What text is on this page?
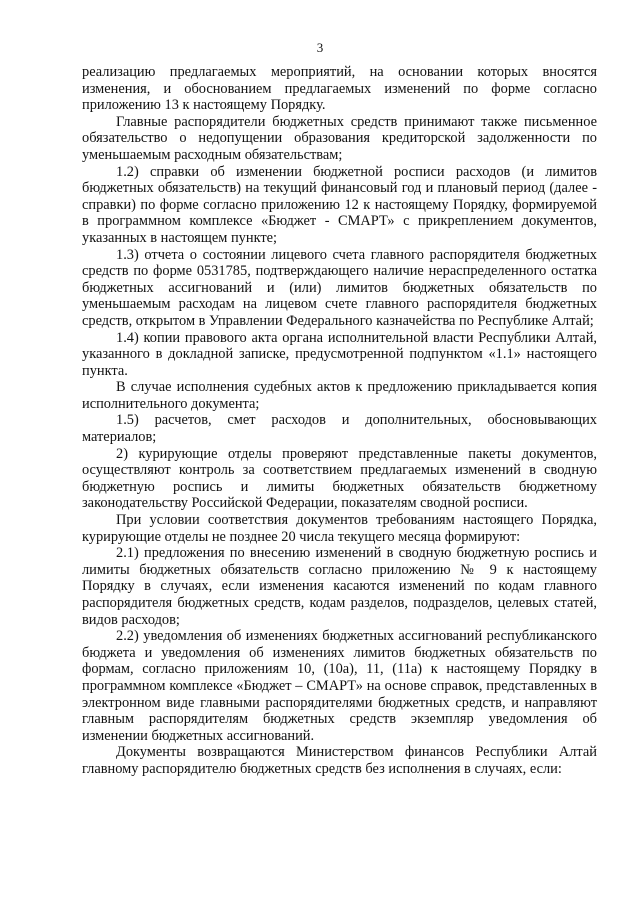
3

реализацию предлагаемых мероприятий, на основании которых вносятся изменения, и обоснованием предлагаемых изменений по форме согласно приложению 13 к настоящему Порядку.

Главные распорядители бюджетных средств принимают также письменное обязательство о недопущении образования кредиторской задолженности по уменьшаемым расходным обязательствам;

1.2) справки об изменении бюджетной росписи расходов (и лимитов бюджетных обязательств) на текущий финансовый год и плановый период (далее - справки) по форме согласно приложению 12 к настоящему Порядку, формируемой в программном комплексе «Бюджет - СМАРТ» с прикреплением документов, указанных в настоящем пункте;

1.3) отчета о состоянии лицевого счета главного распорядителя бюджетных средств по форме 0531785, подтверждающего наличие нераспределенного остатка бюджетных ассигнований и (или) лимитов бюджетных обязательств по уменьшаемым расходам на лицевом счете главного распорядителя бюджетных средств, открытом в Управлении Федерального казначейства по Республике Алтай;

1.4) копии правового акта органа исполнительной власти Республики Алтай, указанного в докладной записке, предусмотренной подпунктом «1.1» настоящего пункта.

В случае исполнения судебных актов к предложению прикладывается копия исполнительного документа;

1.5) расчетов, смет расходов и дополнительных, обосновывающих материалов;

2) курирующие отделы проверяют представленные пакеты документов, осуществляют контроль за соответствием предлагаемых изменений в сводную бюджетную роспись и лимиты бюджетных обязательств бюджетному законодательству Российской Федерации, показателям сводной росписи.

При условии соответствия документов требованиям настоящего Порядка, курирующие отделы не позднее 20 числа текущего месяца формируют:

2.1) предложения по внесению изменений в сводную бюджетную роспись и лимиты бюджетных обязательств согласно приложению № 9 к настоящему Порядку в случаях, если изменения касаются изменений по кодам главного распорядителя бюджетных средств, кодам разделов, подразделов, целевых статей, видов расходов;

2.2) уведомления об изменениях бюджетных ассигнований республиканского бюджета и уведомления об изменениях лимитов бюджетных обязательств по формам, согласно приложениям 10, (10а), 11, (11а) к настоящему Порядку в программном комплексе «Бюджет – СМАРТ» на основе справок, представленных в электронном виде главными распорядителями бюджетных средств, и направляют главным распорядителям бюджетных средств экземпляр уведомления об изменении бюджетных ассигнований.

Документы возвращаются Министерством финансов Республики Алтай главному распорядителю бюджетных средств без исполнения в случаях, если:
